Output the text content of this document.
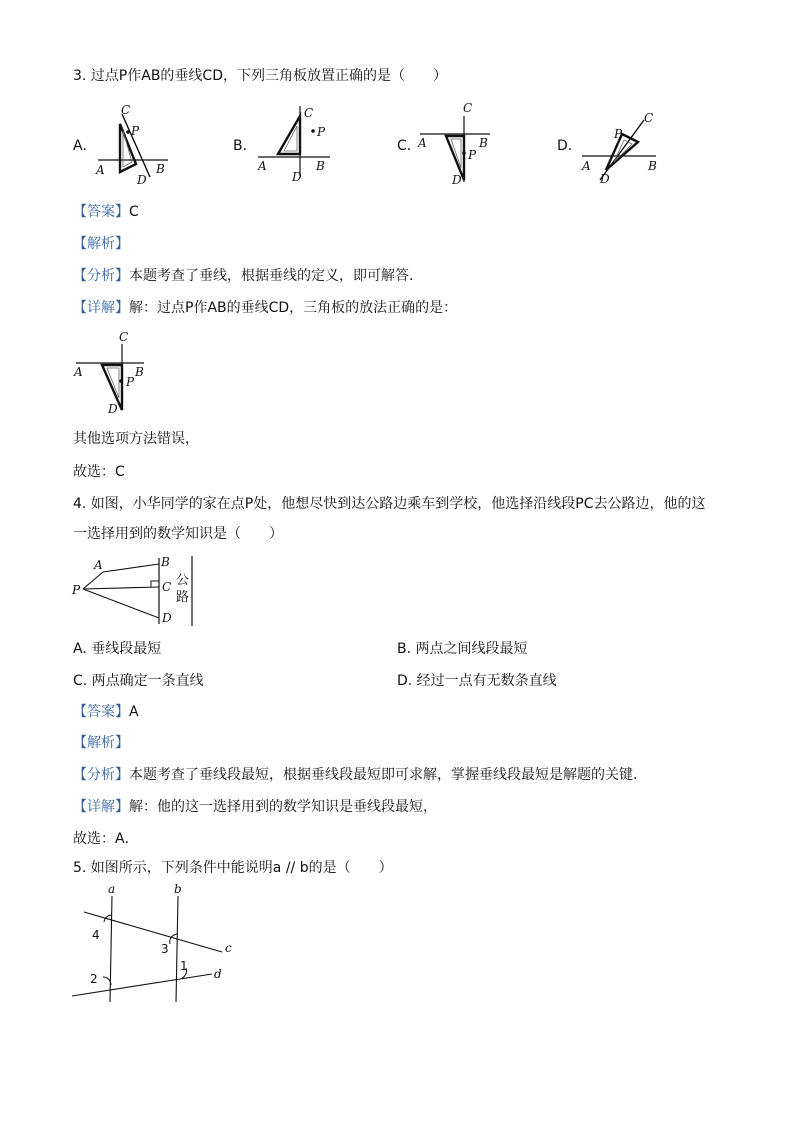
3. 过点P作AB的垂线CD，下列三角板放置正确的是（　　）
A.
C
P
A	B
D
B.
C
P
A	B
D
C.
C
P
A	B
D
D.
C
P
A	B
D
【答案】C
【解析】
【分析】本题考查了垂线，根据垂线的定义，即可解答．
【详解】解：过点P作AB的垂线CD，三角板的放法正确的是：
C
P
A	B
D
其他选项方法错误，
故选：C
4. 如图，小华同学的家在点P处，他想尽快到达公路边乘车到学校，他选择沿线段PC去公路边，他的这
一选择用到的数学知识是（　　）
P
A	B
C
D
公路
A. 垂线段最短	B. 两点之间线段最短
C. 两点确定一条直线	D. 经过一点有无数条直线
【答案】A
【解析】
【分析】本题考查了垂线段最短，根据垂线段最短即可求解，掌握垂线段最短是解题的关键．
【详解】解：他的这一选择用到的数学知识是垂线段最短，
故选：A．
5. 如图所示，下列条件中能说明a // b的是（　　）
a	b
c
d
4
3
1
2
